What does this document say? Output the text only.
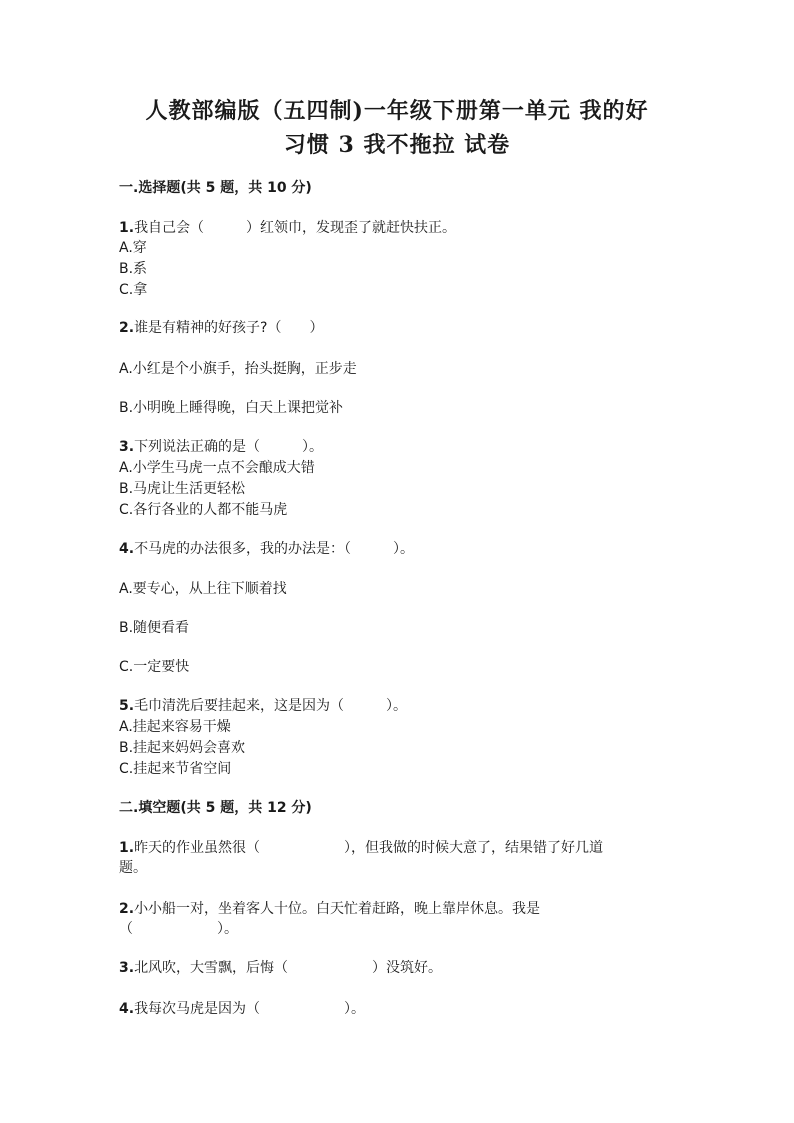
人教部编版（五四制)一年级下册第一单元 我的好
习惯 3 我不拖拉 试卷
一.选择题(共 5 题，共 10 分)
1.我自己会（　　　）红领巾，发现歪了就赶快扶正。
A.穿
B.系
C.拿
2.谁是有精神的好孩子?（　　）
A.小红是个小旗手，抬头挺胸，正步走
B.小明晚上睡得晚，白天上课把觉补
3.下列说法正确的是（　　　）。
A.小学生马虎一点不会酿成大错
B.马虎让生活更轻松
C.各行各业的人都不能马虎
4.不马虎的办法很多，我的办法是：（　　　）。
A.要专心，从上往下顺着找
B.随便看看
C.一定要快
5.毛巾清洗后要挂起来，这是因为（　　　）。
A.挂起来容易干燥
B.挂起来妈妈会喜欢
C.挂起来节省空间
二.填空题(共 5 题，共 12 分)
1.昨天的作业虽然很（　　　　　　），但我做的时候大意了，结果错了好几道
题。
2.小小船一对，坐着客人十位。白天忙着赶路，晚上靠岸休息。我是
（　　　　　　）。
3.北风吹，大雪飘，后悔（　　　　　　）没筑好。
4.我每次马虎是因为（　　　　　　）。
